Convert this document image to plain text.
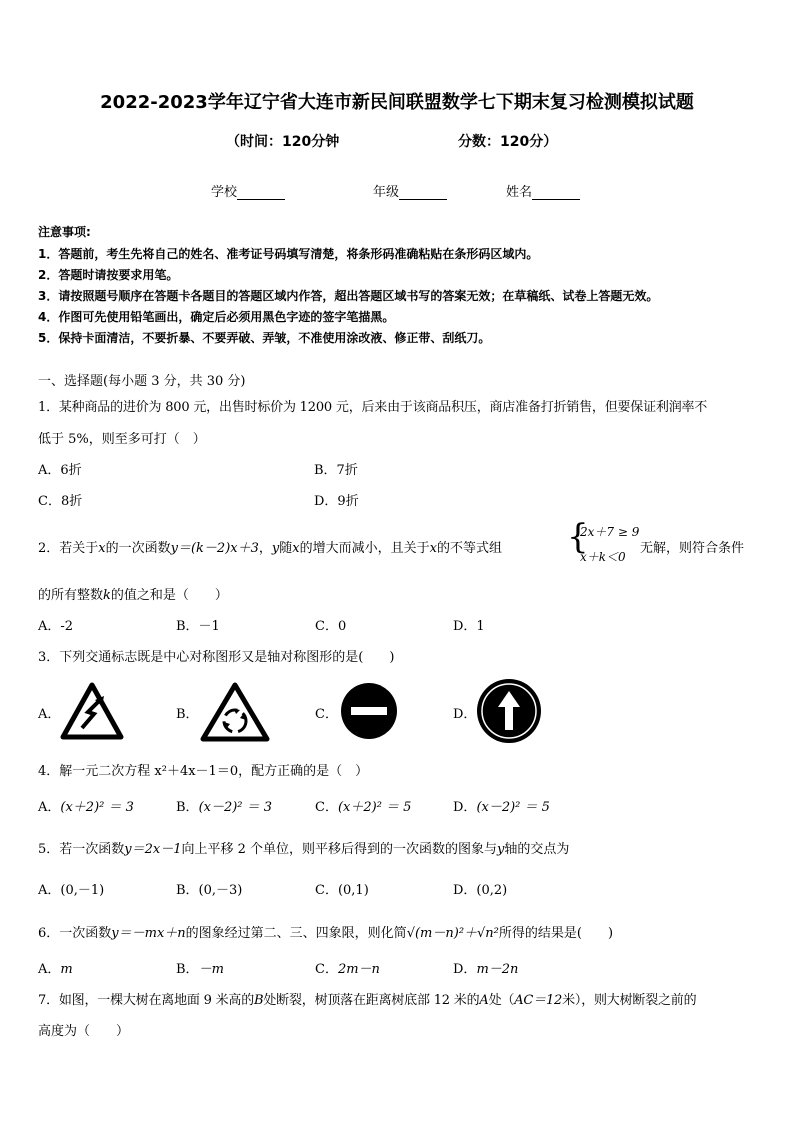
2022-2023学年辽宁省大连市新民间联盟数学七下期末复习检测模拟试题
（时间：120分钟	分数：120分）
学校	年级	姓名
注意事项:
1．答题前，考生先将自己的姓名、准考证号码填写清楚，将条形码准确粘贴在条形码区域内。
2．答题时请按要求用笔。
3．请按照题号顺序在答题卡各题目的答题区域内作答，超出答题区域书写的答案无效；在草稿纸、试卷上答题无效。
4．作图可先使用铅笔画出，确定后必须用黑色字迹的签字笔描黑。
5．保持卡面清洁，不要折暴、不要弄破、弄皱，不准使用涂改液、修正带、刮纸刀。
一、选择题(每小题 3 分，共 30 分)
1．某种商品的进价为 800 元，出售时标价为 1200 元，后来由于该商品积压，商店准备打折销售，但要保证利润率不
低于 5%，则至多可打（　）
A．6折	B．7折
C．8折	D．9折
2．若关于x的一次函数y＝(k－2)x＋3，y随x的增大而减小，且关于x的不等式组 {
2x＋7 ≥ 9
x＋k＜0
无解，则符合条件
的所有整数k的值之和是（　　）
A．-2	B．－1	C．0	D．1
3．下列交通标志既是中心对称图形又是轴对称图形的是(　　)
A．	B．	C．	D．
4．解一元二次方程 x²＋4x－1＝0，配方正确的是（　）
A．(x＋2)² ＝ 3	B．(x－2)² ＝ 3	C．(x＋2)² ＝ 5	D．(x－2)² ＝ 5
5．若一次函数y＝2x－1向上平移 2 个单位，则平移后得到的一次函数的图象与y轴的交点为
A．(0,－1)	B．(0,－3)	C．(0,1)	D．(0,2)
6．一次函数y＝－mx＋n的图象经过第二、三、四象限，则化简√(m－n)²＋√n²所得的结果是(　　)
A．m	B．－m	C．2m－n	D．m－2n
7．如图，一棵大树在离地面 9 米高的B处断裂，树顶落在距离树底部 12 米的A处（AC＝12米），则大树断裂之前的
高度为（　　）
